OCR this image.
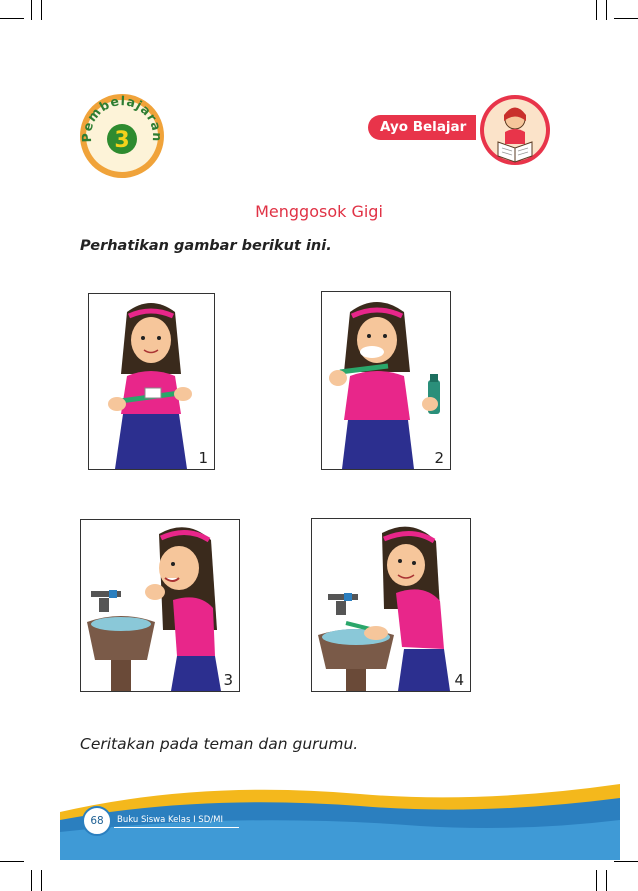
Pembelajaran
3
Ayo Belajar
Menggosok Gigi
Perhatikan gambar berikut ini.
1	2
3	4
Ceritakan pada teman dan gurumu.
68	Buku Siswa Kelas I SD/MI
